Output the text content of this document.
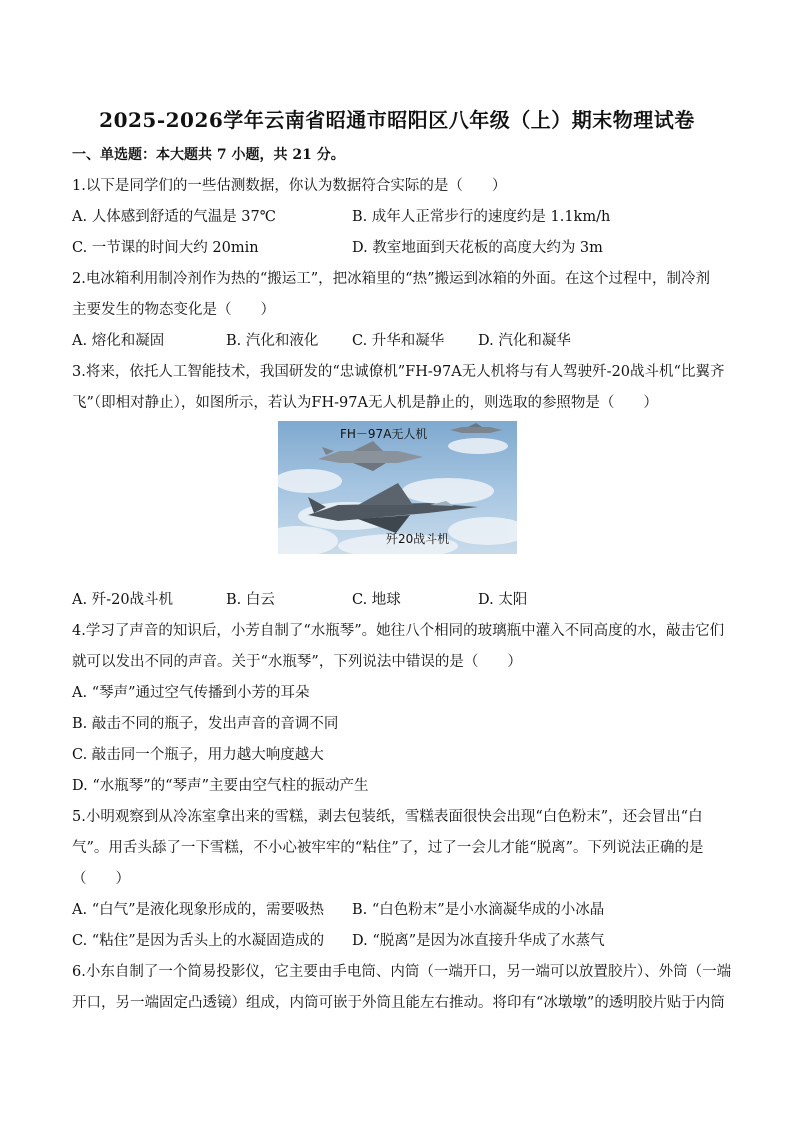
2025-2026学年云南省昭通市昭阳区八年级（上）期末物理试卷
一、单选题：本大题共 7 小题，共 21 分。
1.以下是同学们的一些估测数据，你认为数据符合实际的是（　　）
A. 人体感到舒适的气温是 37℃	B. 成年人正常步行的速度约是 1.1km/h
C. 一节课的时间大约 20min	D. 教室地面到天花板的高度大约为 3m
2.电冰箱利用制冷剂作为热的“搬运工”，把冰箱里的“热”搬运到冰箱的外面。在这个过程中，制冷剂
主要发生的物态变化是（　　）
A. 熔化和凝固	B. 汽化和液化 C. 升华和凝华 D. 汽化和凝华
3.将来，依托人工智能技术，我国研发的“忠诚僚机”FH-97A无人机将与有人驾驶歼-20战斗机“比翼齐
飞”（即相对静止），如图所示，若认为FH-97A无人机是静止的，则选取的参照物是（　　）
FH－97A无人机
歼20战斗机
A. 歼-20战斗机	B. 白云	C. 地球	D. 太阳
4.学习了声音的知识后，小芳自制了“水瓶琴”。她往八个相同的玻璃瓶中灌入不同高度的水，敲击它们
就可以发出不同的声音。关于“水瓶琴”，下列说法中错误的是（　　）
A. “琴声”通过空气传播到小芳的耳朵
B. 敲击不同的瓶子，发出声音的音调不同
C. 敲击同一个瓶子，用力越大响度越大
D. “水瓶琴”的“琴声”主要由空气柱的振动产生
5.小明观察到从冷冻室拿出来的雪糕，剥去包装纸，雪糕表面很快会出现“白色粉末”，还会冒出“白
气”。用舌头舔了一下雪糕，不小心被牢牢的“粘住”了，过了一会儿才能“脱离”。下列说法正确的是
（　　）
A. “白气”是液化现象形成的，需要吸热 B. “白色粉末”是小水滴凝华成的小冰晶
C. “粘住”是因为舌头上的水凝固造成的 D. “脱离”是因为冰直接升华成了水蒸气
6.小东自制了一个简易投影仪，它主要由手电筒、内筒（一端开口，另一端可以放置胶片）、外筒（一端
开口，另一端固定凸透镜）组成，内筒可嵌于外筒且能左右推动。将印有“冰墩墩”的透明胶片贴于内筒
